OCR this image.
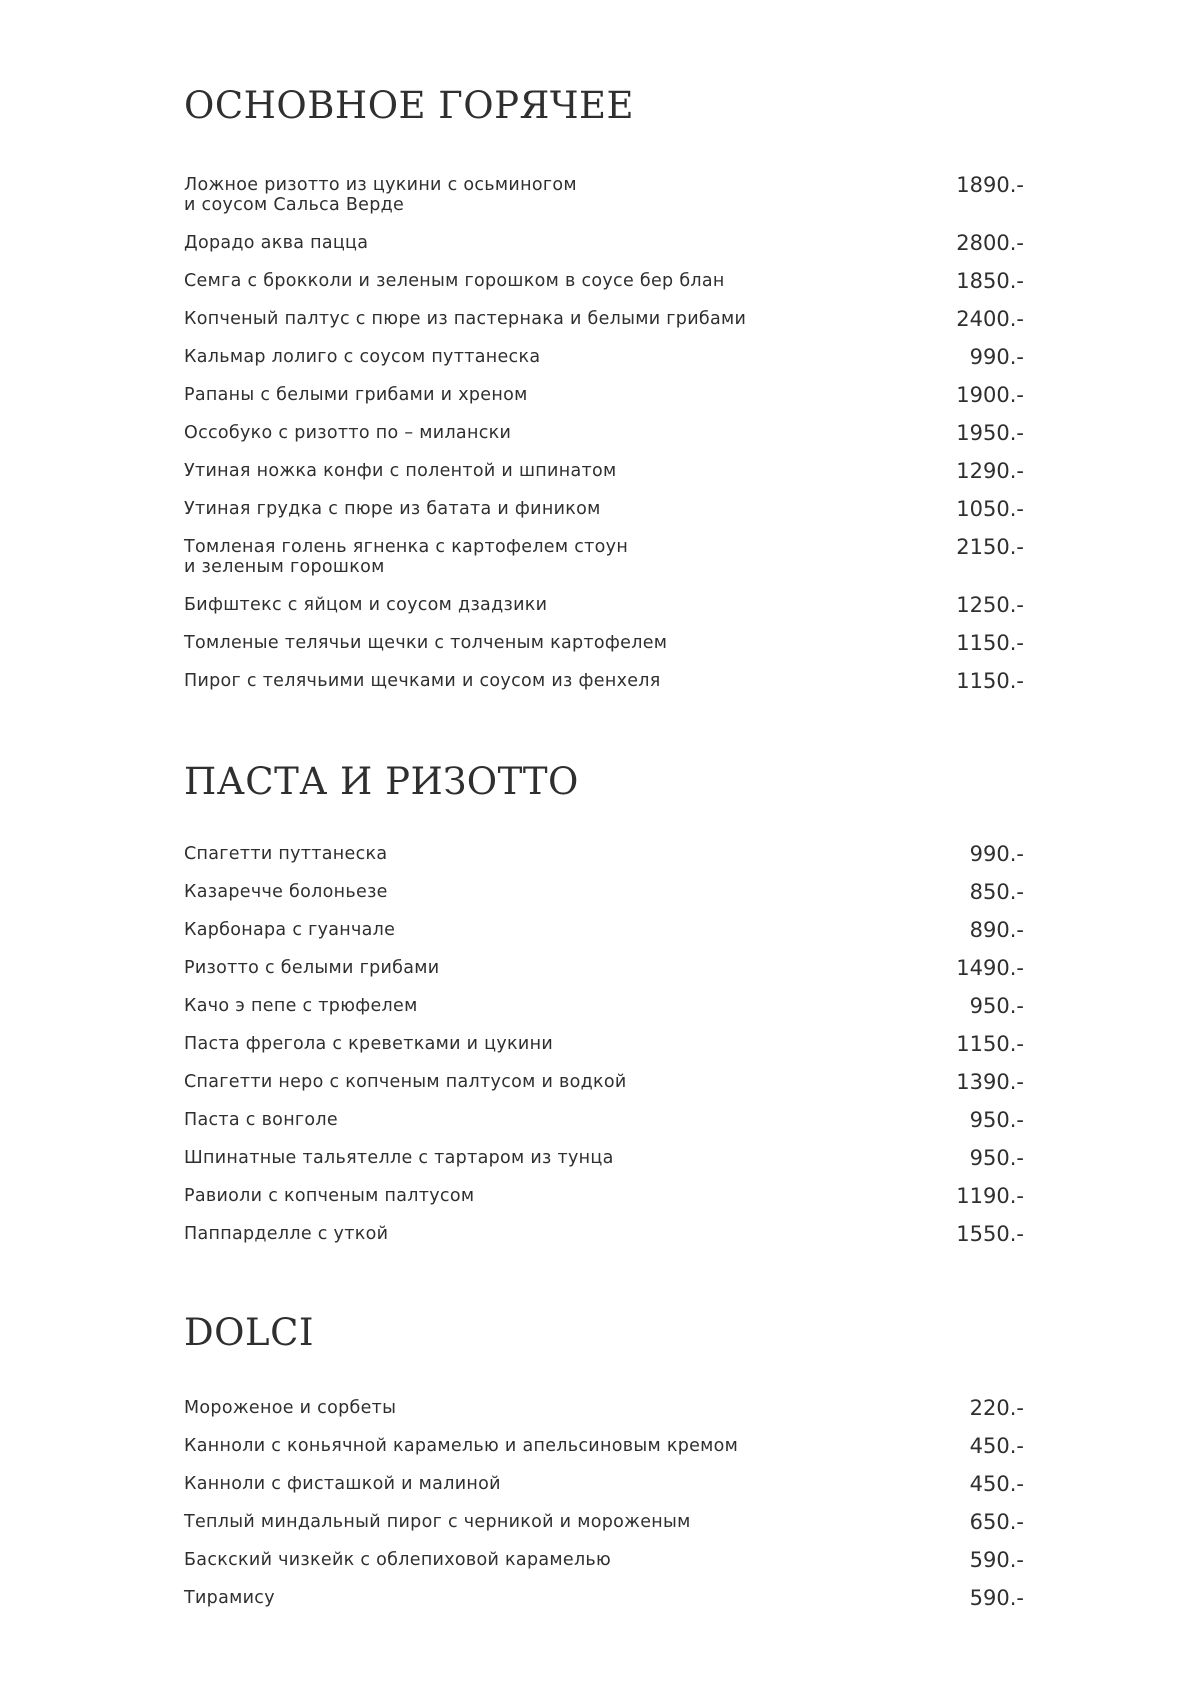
ОСНОВНОЕ ГОРЯЧЕЕ
Ложное ризотто из цукини с осьминогом
и соусом Сальса Верде
1890.-
Дорадо аква пацца	2800.-
Семга с брокколи и зеленым горошком в соусе бер блан	1850.-
Копченый палтус с пюре из пастернака и белыми грибами	2400.-
Кальмар лолиго с соусом путтанеска	990.-
Рапаны с белыми грибами и хреном	1900.-
Оссобуко с ризотто по – милански	1950.-
Утиная ножка конфи с полентой и шпинатом	1290.-
Утиная грудка с пюре из батата и фиником	1050.-
Томленая голень ягненка с картофелем стоун
и зеленым горошком
2150.-
Бифштекс с яйцом и соусом дзадзики	1250.-
Томленые телячьи щечки с толченым картофелем	1150.-
Пирог с телячьими щечками и соусом из фенхеля	1150.-
ПАСТА И РИЗОТТО
Спагетти путтанеска	990.-
Казаречче болоньезе	850.-
Карбонара с гуанчале	890.-
Ризотто с белыми грибами	1490.-
Качо э пепе с трюфелем	950.-
Паста фрегола с креветками и цукини	1150.-
Спагетти неро с копченым палтусом и водкой	1390.-
Паста с вонголе	950.-
Шпинатные тальятелле с тартаром из тунца	950.-
Равиоли с копченым палтусом	1190.-
Паппарделле с уткой	1550.-
DOLCI
Мороженое и сорбеты	220.-
Канноли с коньячной карамелью и апельсиновым кремом	450.-
Канноли с фисташкой и малиной	450.-
Теплый миндальный пирог с черникой и мороженым	650.-
Баскский чизкейк с облепиховой карамелью	590.-
Тирамису	590.-
